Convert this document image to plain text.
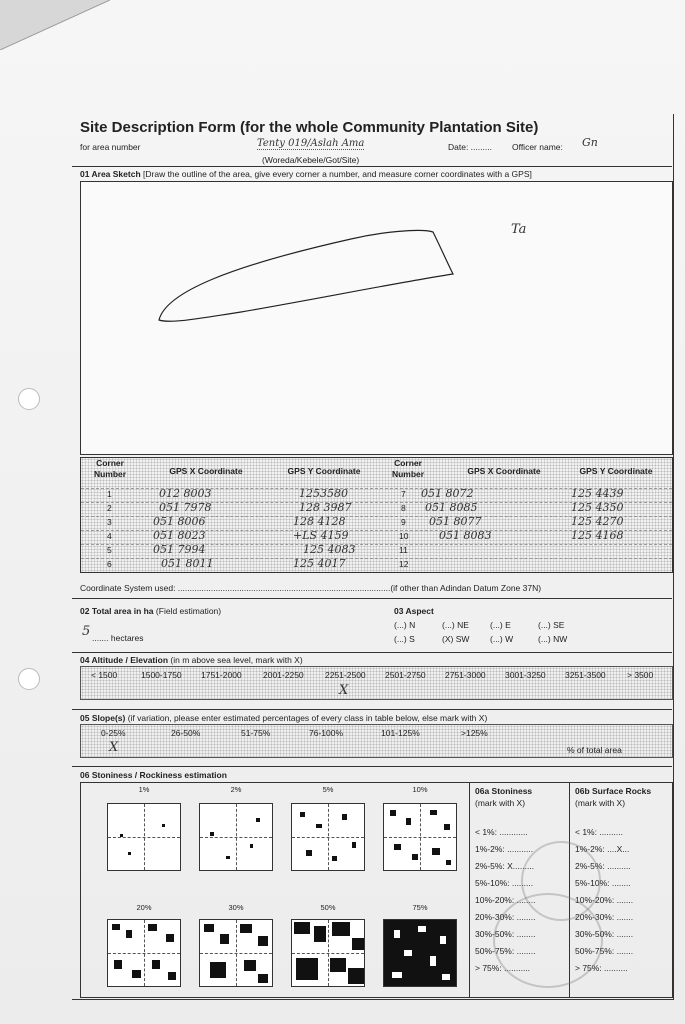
Site Description Form (for the whole Community Plantation Site)
for area number	Tenty 019/Aslah Ama	Date: ......... Officer name: Gn
(Woreda/Kebele/Got/Site)
01 Area Sketch [Draw the outline of the area, give every corner a number, and measure corner coordinates with a GPS]
Ta
Corner Number	GPS X Coordinate	GPS Y Coordinate
Corner Number	GPS X Coordinate	GPS Y Coordinate
1	012 8003	1253580
2	051 7978	128 3987
3	051 8006	128 4128
4	051 8023	+LS 4159
5	051 7994	125 4083
6	051 8011	125 4017
7 051 8072	125 4439
8 051 8085	125 4350
9 051 8077	125 4270
10	051 8083	125 4168
11
12
Coordinate System used: ..........................................................................................(if other than Adindan Datum Zone 37N)
02 Total area in ha (Field estimation)
5 ....... hectares
03 Aspect
(...) N	(...) NE	(...) E	(...) SE
(...) S	(X) SW	(...) W	(...) NW
04 Altitude / Elevation (in m above sea level, mark with X)
< 1500	1500-1750 1751-2000	2001-2250	2251-2500 2501-2750 2751-3000 3001-3250 3251-3500	> 3500
X
05 Slope(s) (if variation, please enter estimated percentages of every class in table below, else mark with X)
0-25%	26-50%	51-75%	76-100%	101-125%	>125%
X	% of total area
06 Stoniness / Rockiness estimation
1%	2%	5%	10%
20%	30%	50%	75%
06a Stoniness
(mark with X)
06b Surface Rocks
(mark with X)
< 1%: ............
1%-2%: ...........
2%-5%: X.........
5%-10%: .........
10%-20%: ........
20%-30%: ........
30%-50%: ........
50%-75%: ........
> 75%: ...........
< 1%: ..........
1%-2%: ....X...
2%-5%: ..........
5%-10%: ........
10%-20%: .......
20%-30%: .......
30%-50%: .......
50%-75%: .......
> 75%: ..........
